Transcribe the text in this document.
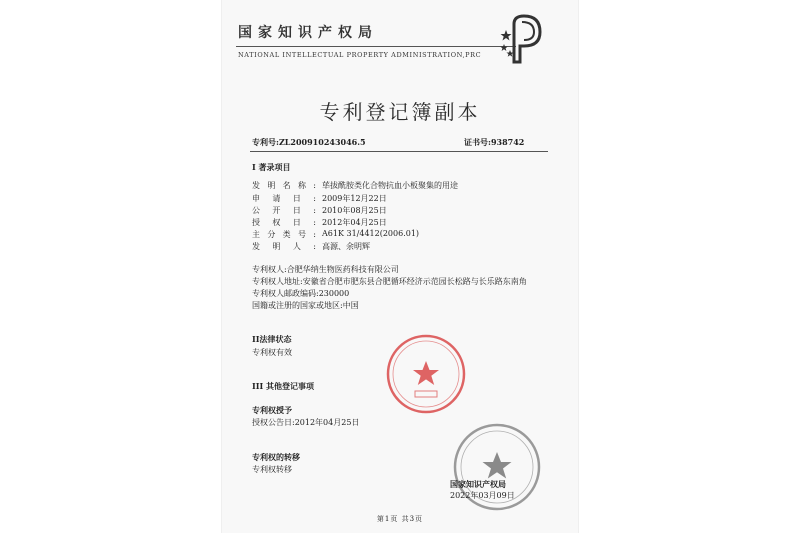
国家知识产权局
NATIONAL INTELLECTUAL PROPERTY ADMINISTRATION,PRC
专利登记簿副本
专利号:ZL200910243046.5	证书号:938742
I 著录项目
发明名称: 荜拔酰胺类化合物抗血小板聚集的用途
申请日: 2009年12月22日
公开日: 2010年08月25日
授权日: 2012年04月25日
主分类号: A61K 31/4412(2006.01)
发明人: 高源、余明辉
专利权人:合肥华纳生物医药科技有限公司
专利权人地址:安徽省合肥市肥东县合肥循环经济示范园长松路与长乐路东南角
专利权人邮政编码:230000
国籍或注册的国家或地区:中国
II法律状态
专利权有效
III 其他登记事项
专利权授予
授权公告日:2012年04月25日
专利权的转移
专利权转移
国家知识产权局
2022年03月09日
第1页 共3页
